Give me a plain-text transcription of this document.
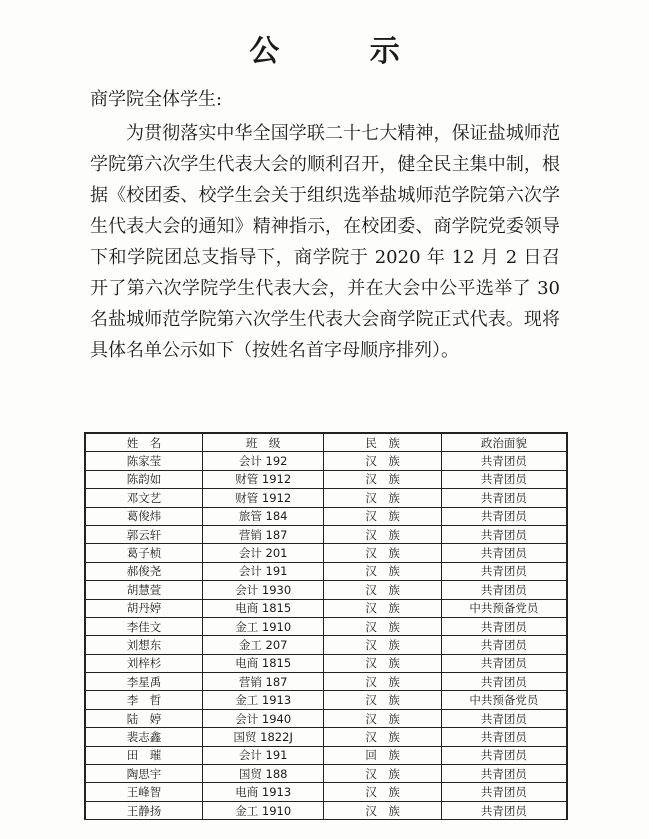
公 示
商学院全体学生:
为贯彻落实中华全国学联二十七大精神，保证盐城师范学院第六次学生代表大会的顺利召开，健全民主集中制，根据《校团委、校学生会关于组织选举盐城师范学院第六次学生代表大会的通知》精神指示，在校团委、商学院党委领导下和学院团总支指导下，商学院于 2020 年 12 月 2 日召开了第六次学院学生代表大会，并在大会中公平选举了 30 名盐城师范学院第六次学生代表大会商学院正式代表。现将具体名单公示如下（按姓名首字母顺序排列）。
姓　名	班　级	民　族	政治面貌
陈家莹	会计 192	汉　族	共青团员
陈韵如	财管 1912	汉　族	共青团员
邓文艺	财管 1912	汉　族	共青团员
葛俊炜	旅管 184	汉　族	共青团员
郭云轩	营销 187	汉　族	共青团员
葛子桢	会计 201	汉　族	共青团员
郝俊尧	会计 191	汉　族	共青团员
胡慧萱	会计 1930	汉　族	共青团员
胡丹婷	电商 1815	汉　族	中共预备党员
李佳文	金工 1910	汉　族	共青团员
刘想东	金工 207	汉　族	共青团员
刘梓杉	电商 1815	汉　族	共青团员
李星禹	营销 187	汉　族	共青团员
李　哲	金工 1913	汉　族	中共预备党员
陆　婷	会计 1940	汉　族	共青团员
裴志鑫	国贸 1822J	汉　族	共青团员
田　璀	会计 191	回　族	共青团员
陶思宇	国贸 188	汉　族	共青团员
王峰智	电商 1913	汉　族	共青团员
王静扬	金工 1910	汉　族	共青团员
